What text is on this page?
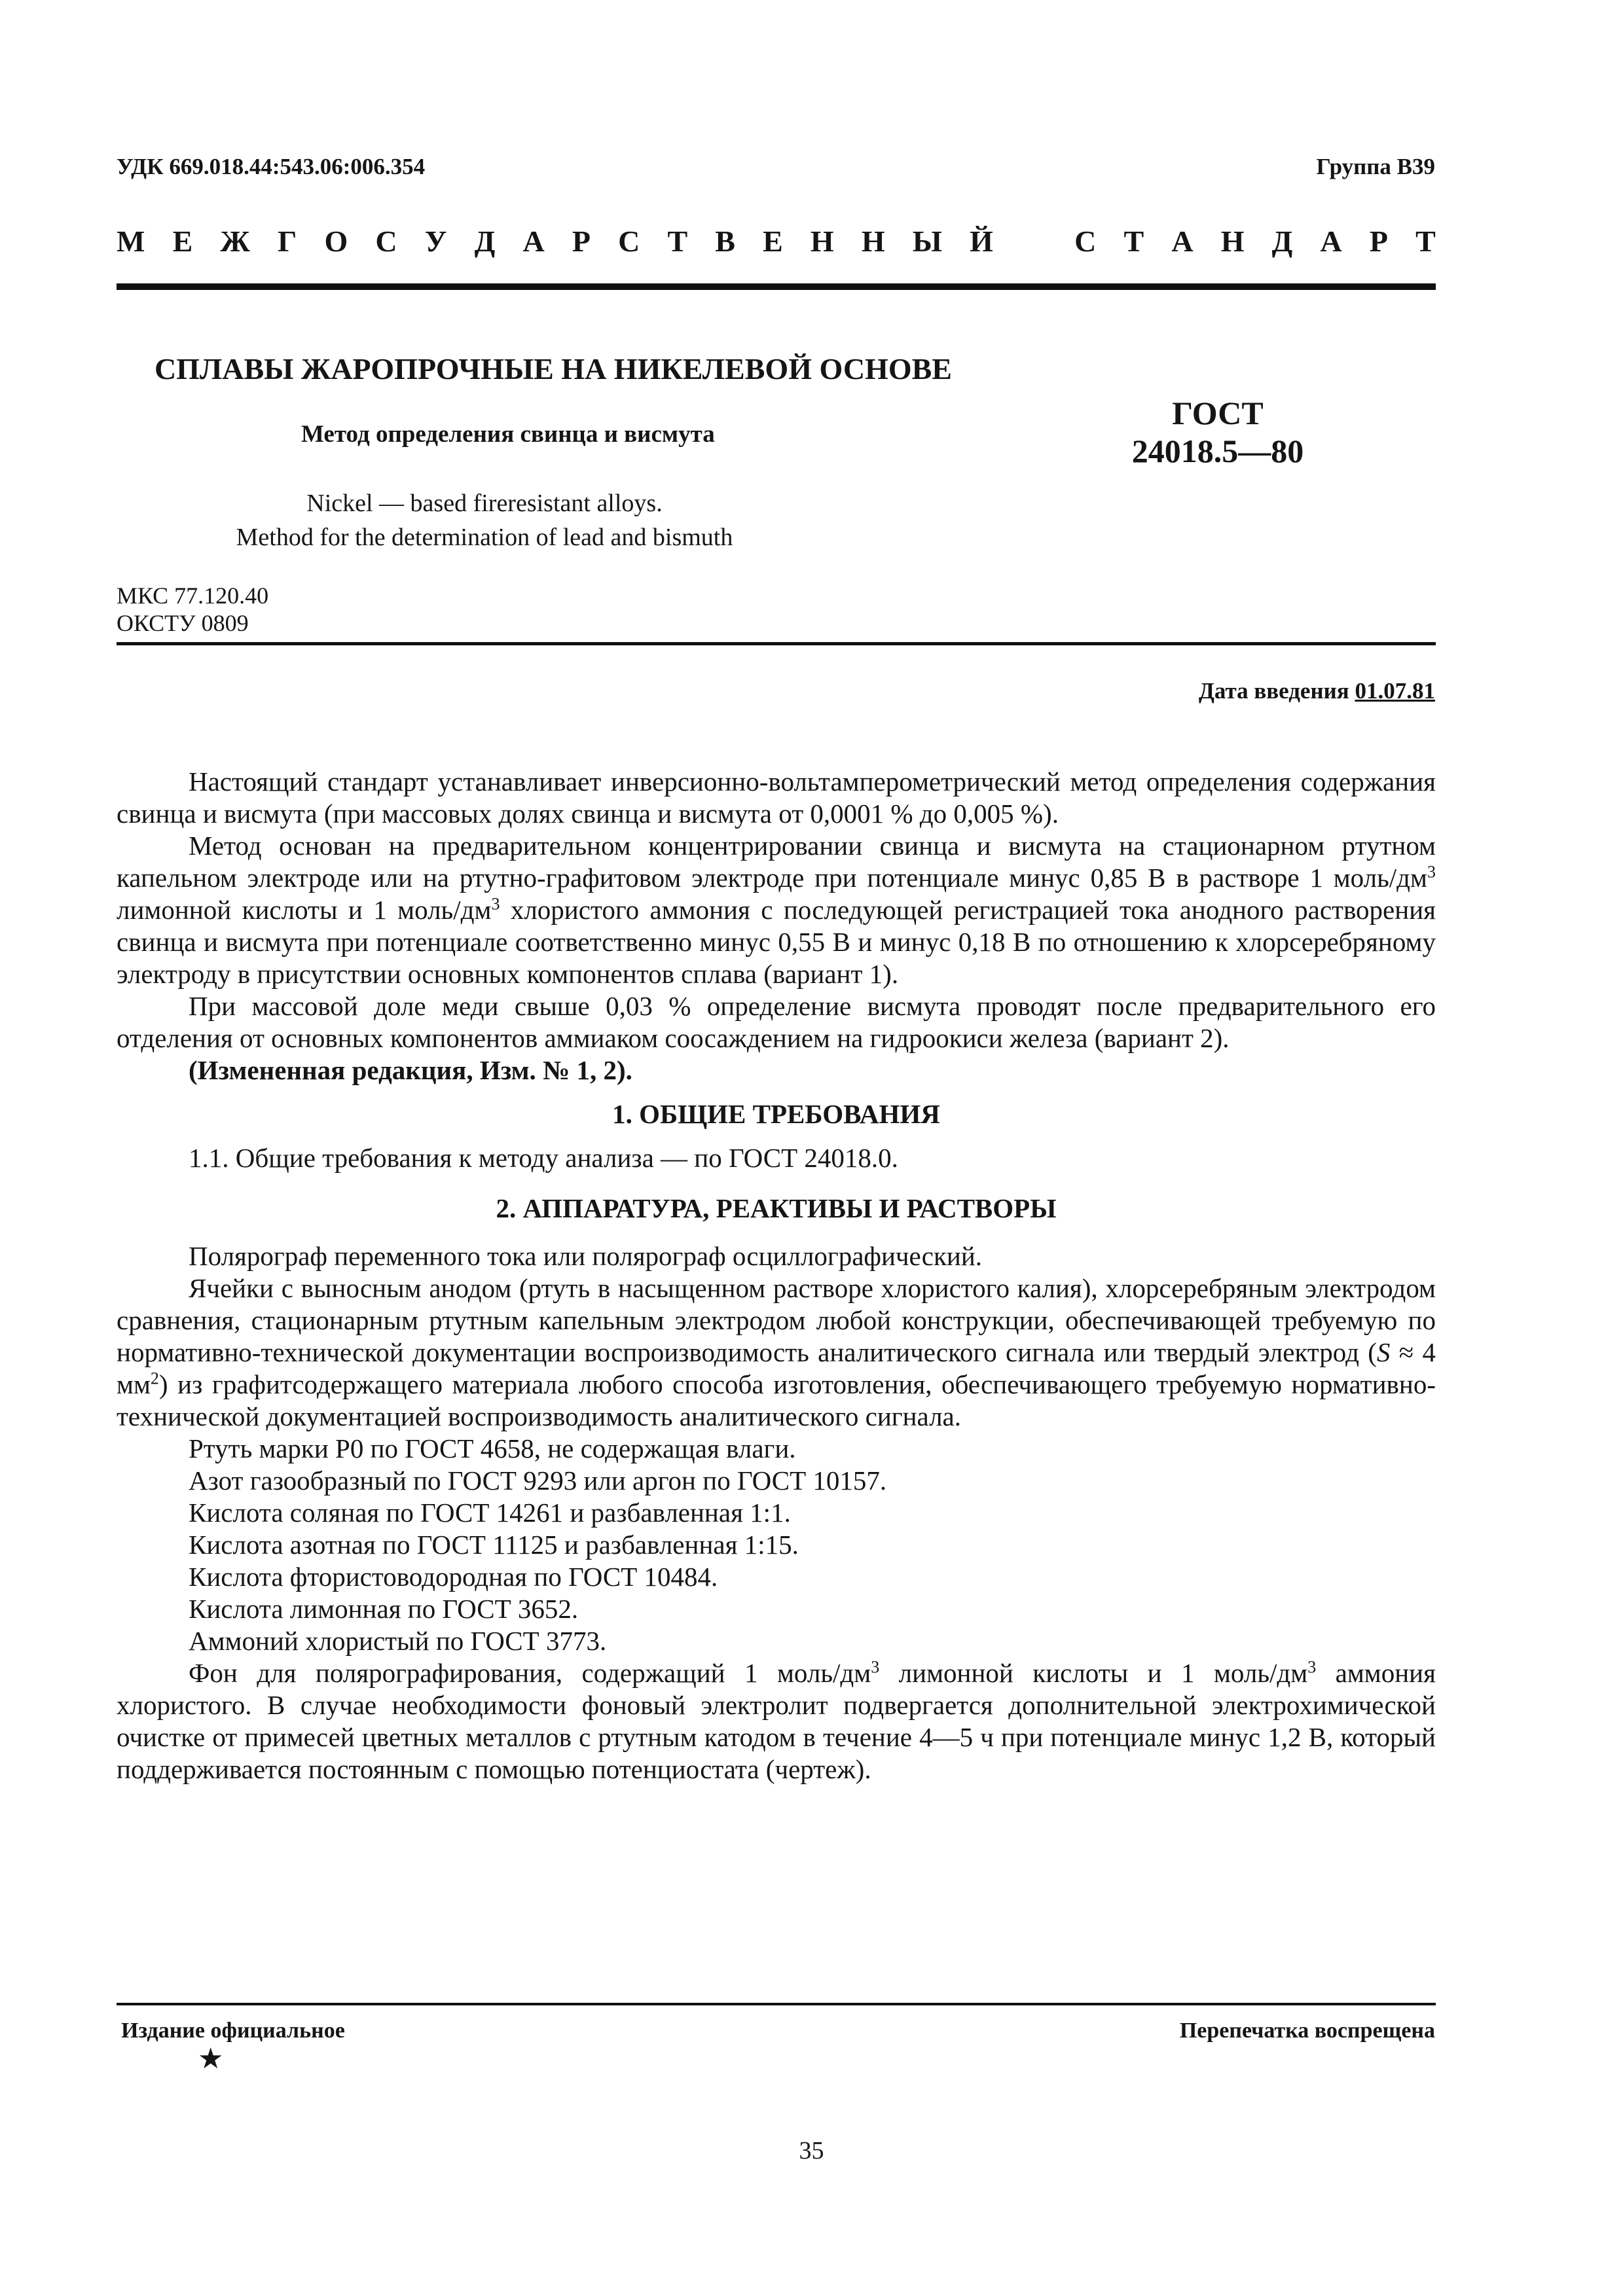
УДК 669.018.44:543.06:006.354	Группа В39
М Е Ж Г О С У Д А Р С Т В Е Н Н Ы Й	С Т А Н Д А Р Т
СПЛАВЫ ЖАРОПРОЧНЫЕ НА НИКЕЛЕВОЙ ОСНОВЕ
Метод определения свинца и висмута
Nickel — based fireresistant alloys.
Method for the determination of lead and bismuth
ГОСТ
24018.5—80
МКС 77.120.40
ОКСТУ 0809
Дата введения 01.07.81

Настоящий стандарт устанавливает инверсионно-вольтамперометрический метод определения содержания свинца и висмута (при массовых долях свинца и висмута от 0,0001 % до 0,005 %).

Метод основан на предварительном концентрировании свинца и висмута на стационарном ртутном капельном электроде или на ртутно-графитовом электроде при потенциале минус 0,85 В в растворе 1 моль/$дм^3$ лимонной кислоты и 1 моль/$дм^3$ хлористого аммония с последующей регистрацией тока анодного растворения свинца и висмута при потенциале соответственно минус 0,55 В и минус 0,18 В по отношению к хлорсеребряному электроду в присутствии основных компонентов сплава (вариант 1).

При массовой доле меди свыше 0,03 % определение висмута проводят после предварительного его отделения от основных компонентов аммиаком соосаждением на гидроокиси железа (вариант 2).

(Измененная редакция, Изм. № 1, 2).

1. ОБЩИЕ ТРЕБОВАНИЯ

1.1. Общие требования к методу анализа — по ГОСТ 24018.0.

2. АППАРАТУРА, РЕАКТИВЫ И РАСТВОРЫ

Полярограф переменного тока или полярограф осциллографический.

Ячейки с выносным анодом (ртуть в насыщенном растворе хлористого калия), хлорсеребряным электродом сравнения, стационарным ртутным капельным электродом любой конструкции, обеспечивающей требуемую по нормативно-технической документации воспроизводимость аналитического сигнала или твердый электрод (S ≈ 4 $мм^2$) из графитсодержащего материала любого способа изготовления, обеспечивающего требуемую нормативно-технической документацией воспроизводимость аналитического сигнала.

Ртуть марки Р0 по ГОСТ 4658, не содержащая влаги.

Азот газообразный по ГОСТ 9293 или аргон по ГОСТ 10157.

Кислота соляная по ГОСТ 14261 и разбавленная 1:1.

Кислота азотная по ГОСТ 11125 и разбавленная 1:15.

Кислота фтористоводородная по ГОСТ 10484.

Кислота лимонная по ГОСТ 3652.

Аммоний хлористый по ГОСТ 3773.

Фон для полярографирования, содержащий 1 моль/$дм^3$ лимонной кислоты и 1 моль/$дм^3$ аммония хлористого. В случае необходимости фоновый электролит подвергается дополнительной электрохимической очистке от примесей цветных металлов с ртутным катодом в течение 4—5 ч при потенциале минус 1,2 В, который поддерживается постоянным с помощью потенциостата (чертеж).

Издание официальное
★
Перепечатка воспрещена
35
